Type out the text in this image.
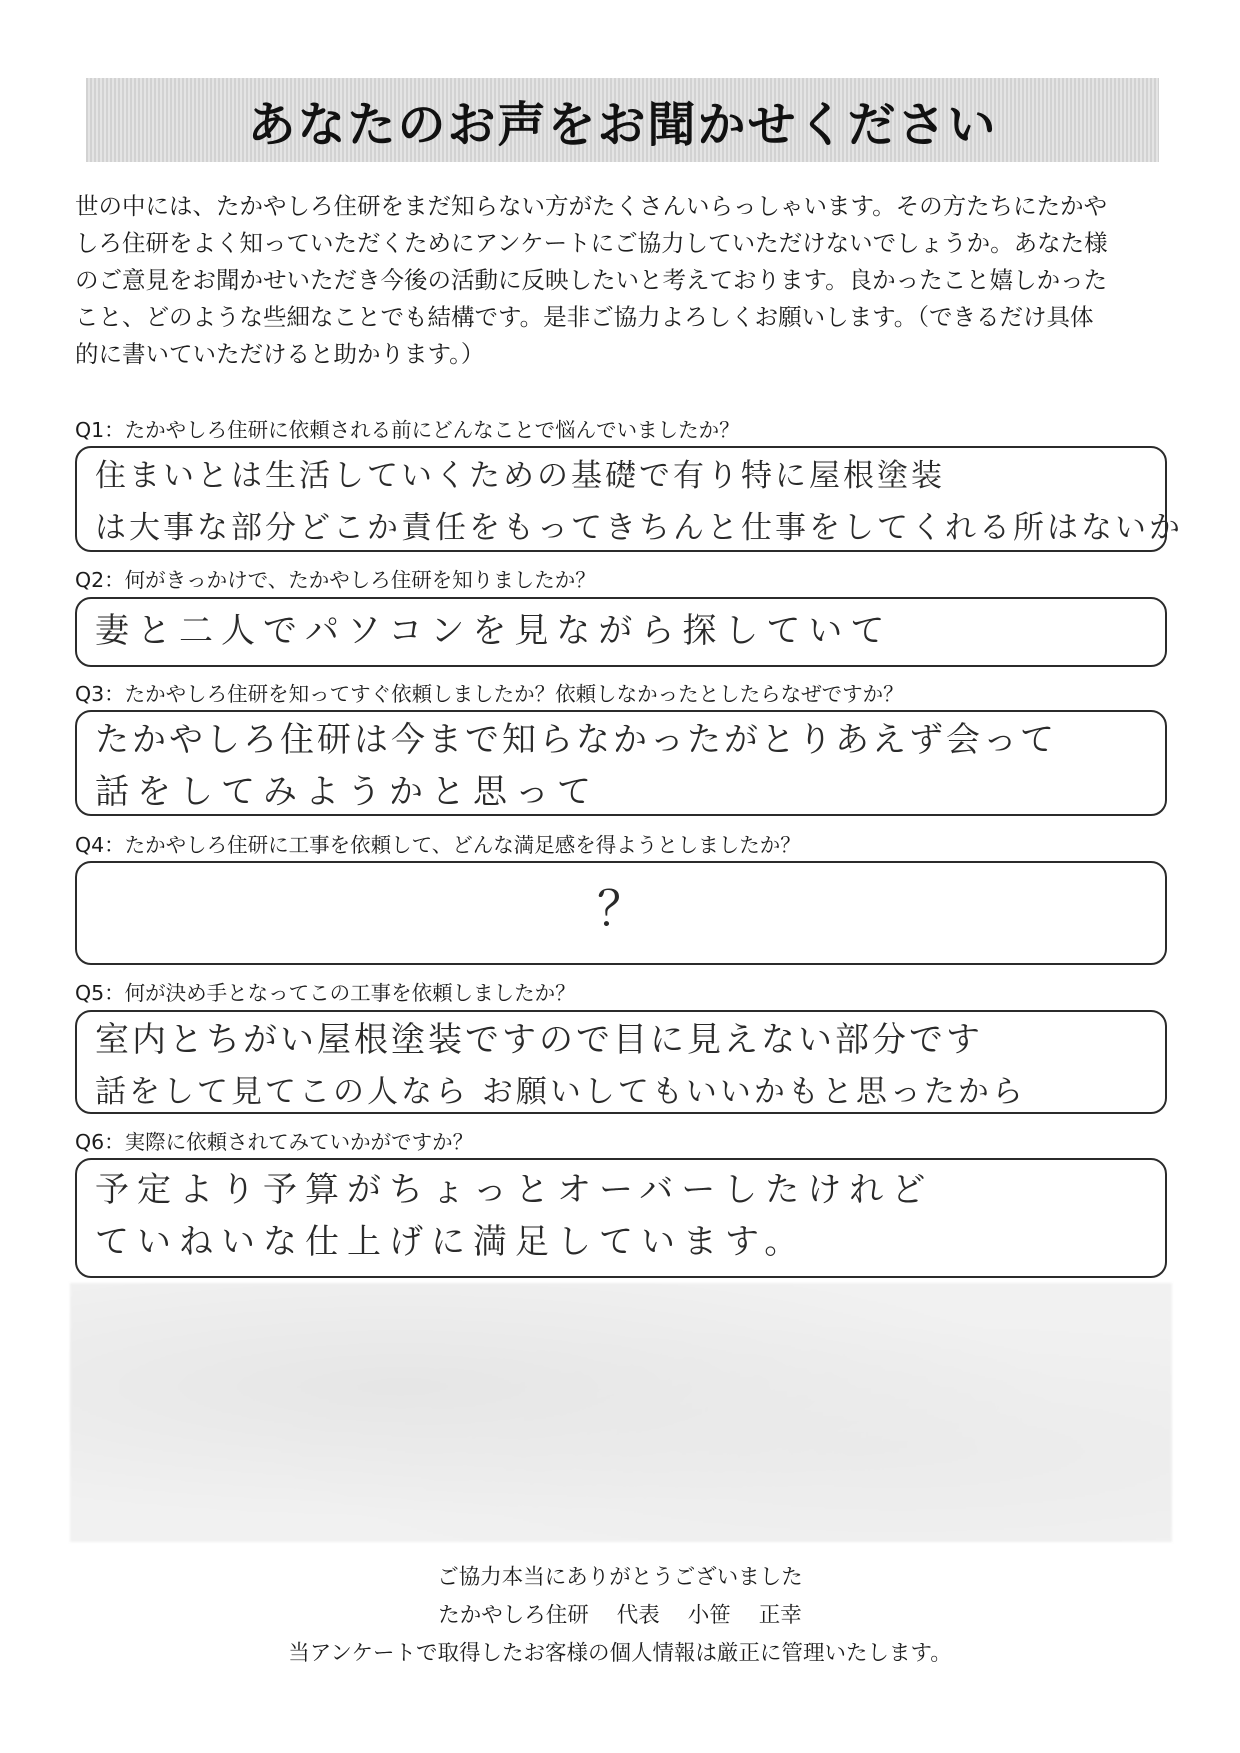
あなたのお声をお聞かせください
世の中には、たかやしろ住研をまだ知らない方がたくさんいらっしゃいます。その方たちにたかや
しろ住研をよく知っていただくためにアンケートにご協力していただけないでしょうか。あなた様
のご意見をお聞かせいただき今後の活動に反映したいと考えております。良かったこと嬉しかった
こと、どのような些細なことでも結構です。是非ご協力よろしくお願いします。（できるだけ具体
的に書いていただけると助かります。）
Q1：たかやしろ住研に依頼される前にどんなことで悩んでいましたか？
住まいとは生活していくための基礎で有り特に屋根塗装
は大事な部分どこか責任をもってきちんと仕事をしてくれる所はないか
Q2：何がきっかけで、たかやしろ住研を知りましたか？
妻と二人でパソコンを見ながら探していて
Q3：たかやしろ住研を知ってすぐ依頼しましたか？依頼しなかったとしたらなぜですか？
たかやしろ住研は今まで知らなかったがとりあえず会って
話をしてみようかと思って
Q4：たかやしろ住研に工事を依頼して、どんな満足感を得ようとしましたか？
？
Q5：何が決め手となってこの工事を依頼しましたか？
室内とちがい屋根塗装ですので目に見えない部分です
話をして見てこの人なら お願いしてもいいかもと思ったから
Q6：実際に依頼されてみていかがですか？
予定より予算がちょっとオーバーしたけれど
ていねいな仕上げに満足しています。
ご協力本当にありがとうございました
たかやしろ住研 代表 小笹 正幸
当アンケートで取得したお客様の個人情報は厳正に管理いたします。
